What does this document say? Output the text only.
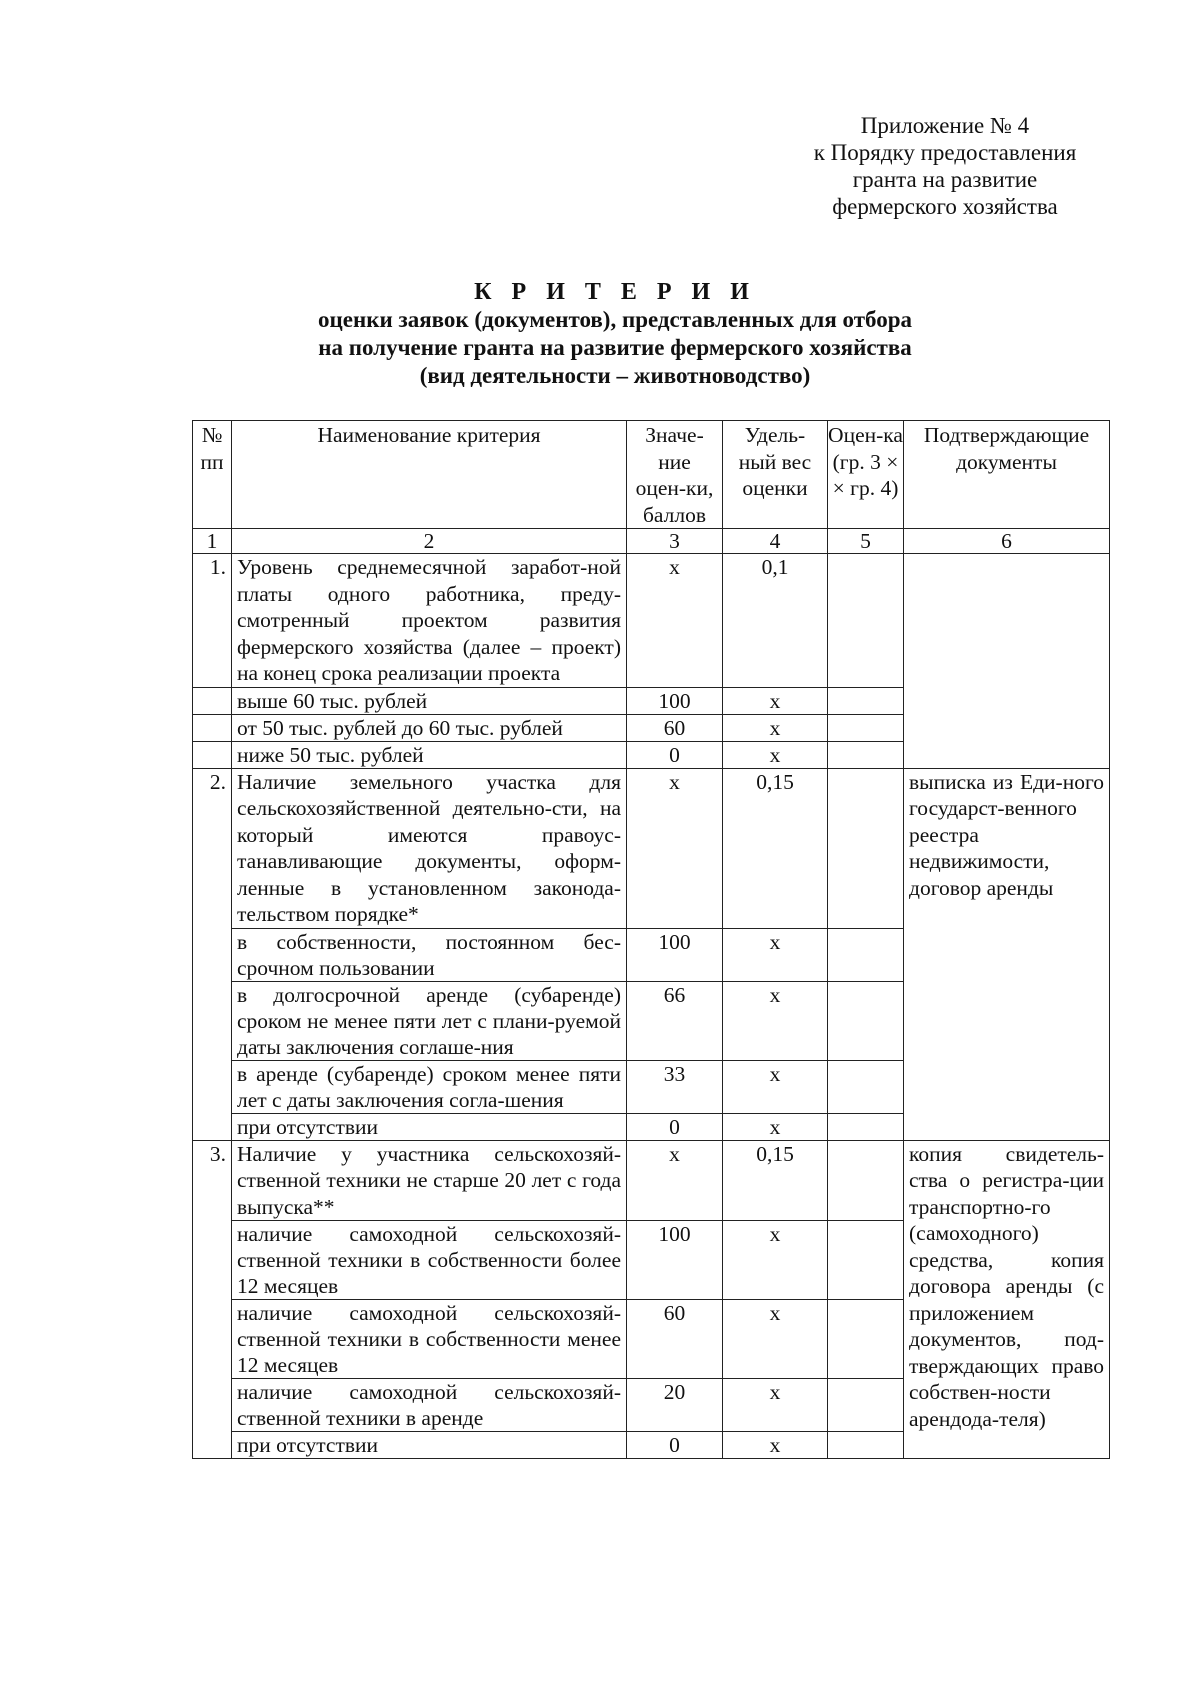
Приложение № 4
к Порядку предоставления
гранта на развитие
фермерского хозяйства
К Р И Т Е Р И И
оценки заявок (документов), представленных для отбора
на получение гранта на развитие фермерского хозяйства
(вид деятельности – животноводство)
№ пп	Наименование критерия	Значе-ние оцен-ки, баллов	Удель-ный вес оценки	Оцен-ка (гр. 3 × × гр. 4)	Подтверждающие документы
1	2	3	4	5	6
1.	Уровень среднемесячной заработ-ной платы одного работника, преду-смотренный проектом развития фермерского хозяйства (далее – проект) на конец срока реализации проекта	х	0,1		
	выше 60 тыс. рублей	100	х		
	от 50 тыс. рублей до 60 тыс. рублей	60	х		
	ниже 50 тыс. рублей	0	х		
2.	Наличие земельного участка для сельскохозяйственной деятельно-сти, на который имеются правоус-танавливающие документы, оформ-ленные в установленном законода-тельством порядке*	х	0,15		выписка из Еди-ного государст-венного реестра недвижимости, договор аренды
	в собственности, постоянном бес-срочном пользовании	100	х		
	в долгосрочной аренде (субаренде) сроком не менее пяти лет с плани-руемой даты заключения соглаше-ния	66	х		
	в аренде (субаренде) сроком менее пяти лет с даты заключения согла-шения	33	х		
	при отсутствии	0	х		
3.	Наличие у участника сельскохозяй-ственной техники не старше 20 лет с года выпуска**	х	0,15		копия свидетель-ства о регистра-ции транспортно-го (самоходного) средства, копия договора аренды (с приложением документов, под-тверждающих право собствен-ности арендода-теля)
	наличие самоходной сельскохозяй-ственной техники в собственности более 12 месяцев	100	х		
	наличие самоходной сельскохозяй-ственной техники в собственности менее 12 месяцев	60	х		
	наличие самоходной сельскохозяй-ственной техники в аренде	20	х		
	при отсутствии	0	х		
